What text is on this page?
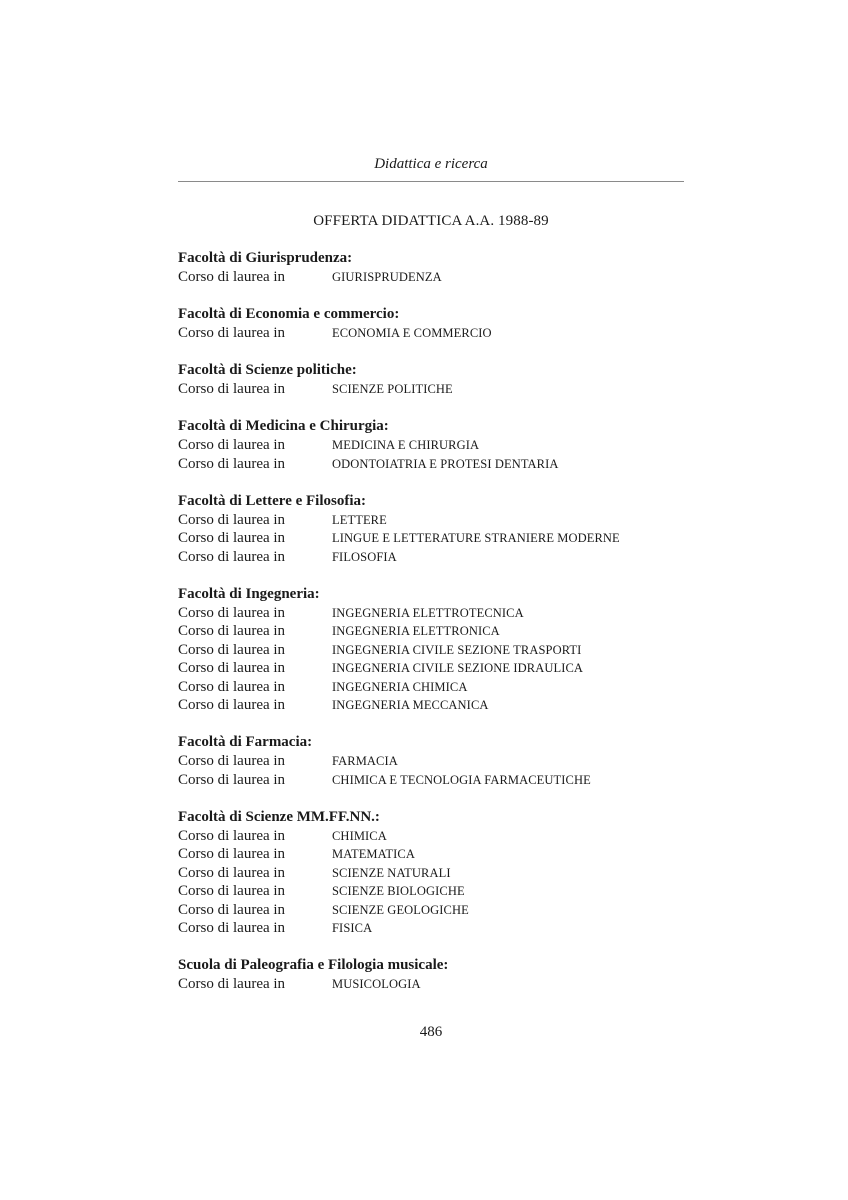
Didattica e ricerca
OFFERTA DIDATTICA A.A. 1988-89
Facoltà di Giurisprudenza:
Corso di laurea in	GIURISPRUDENZA
Facoltà di Economia e commercio:
Corso di laurea in	ECONOMIA E COMMERCIO
Facoltà di Scienze politiche:
Corso di laurea in	SCIENZE POLITICHE
Facoltà di Medicina e Chirurgia:
Corso di laurea in	MEDICINA E CHIRURGIA
Corso di laurea in	ODONTOIATRIA E PROTESI DENTARIA
Facoltà di Lettere e Filosofia:
Corso di laurea in	LETTERE
Corso di laurea in	LINGUE E LETTERATURE STRANIERE MODERNE
Corso di laurea in	FILOSOFIA
Facoltà di Ingegneria:
Corso di laurea in	INGEGNERIA ELETTROTECNICA
Corso di laurea in	INGEGNERIA ELETTRONICA
Corso di laurea in	INGEGNERIA CIVILE SEZIONE TRASPORTI
Corso di laurea in	INGEGNERIA CIVILE SEZIONE IDRAULICA
Corso di laurea in	INGEGNERIA CHIMICA
Corso di laurea in	INGEGNERIA MECCANICA
Facoltà di Farmacia:
Corso di laurea in	FARMACIA
Corso di laurea in	CHIMICA E TECNOLOGIA FARMACEUTICHE
Facoltà di Scienze MM.FF.NN.:
Corso di laurea in	CHIMICA
Corso di laurea in	MATEMATICA
Corso di laurea in	SCIENZE NATURALI
Corso di laurea in	SCIENZE BIOLOGICHE
Corso di laurea in	SCIENZE GEOLOGICHE
Corso di laurea in	FISICA
Scuola di Paleografia e Filologia musicale:
Corso di laurea in	MUSICOLOGIA
486
